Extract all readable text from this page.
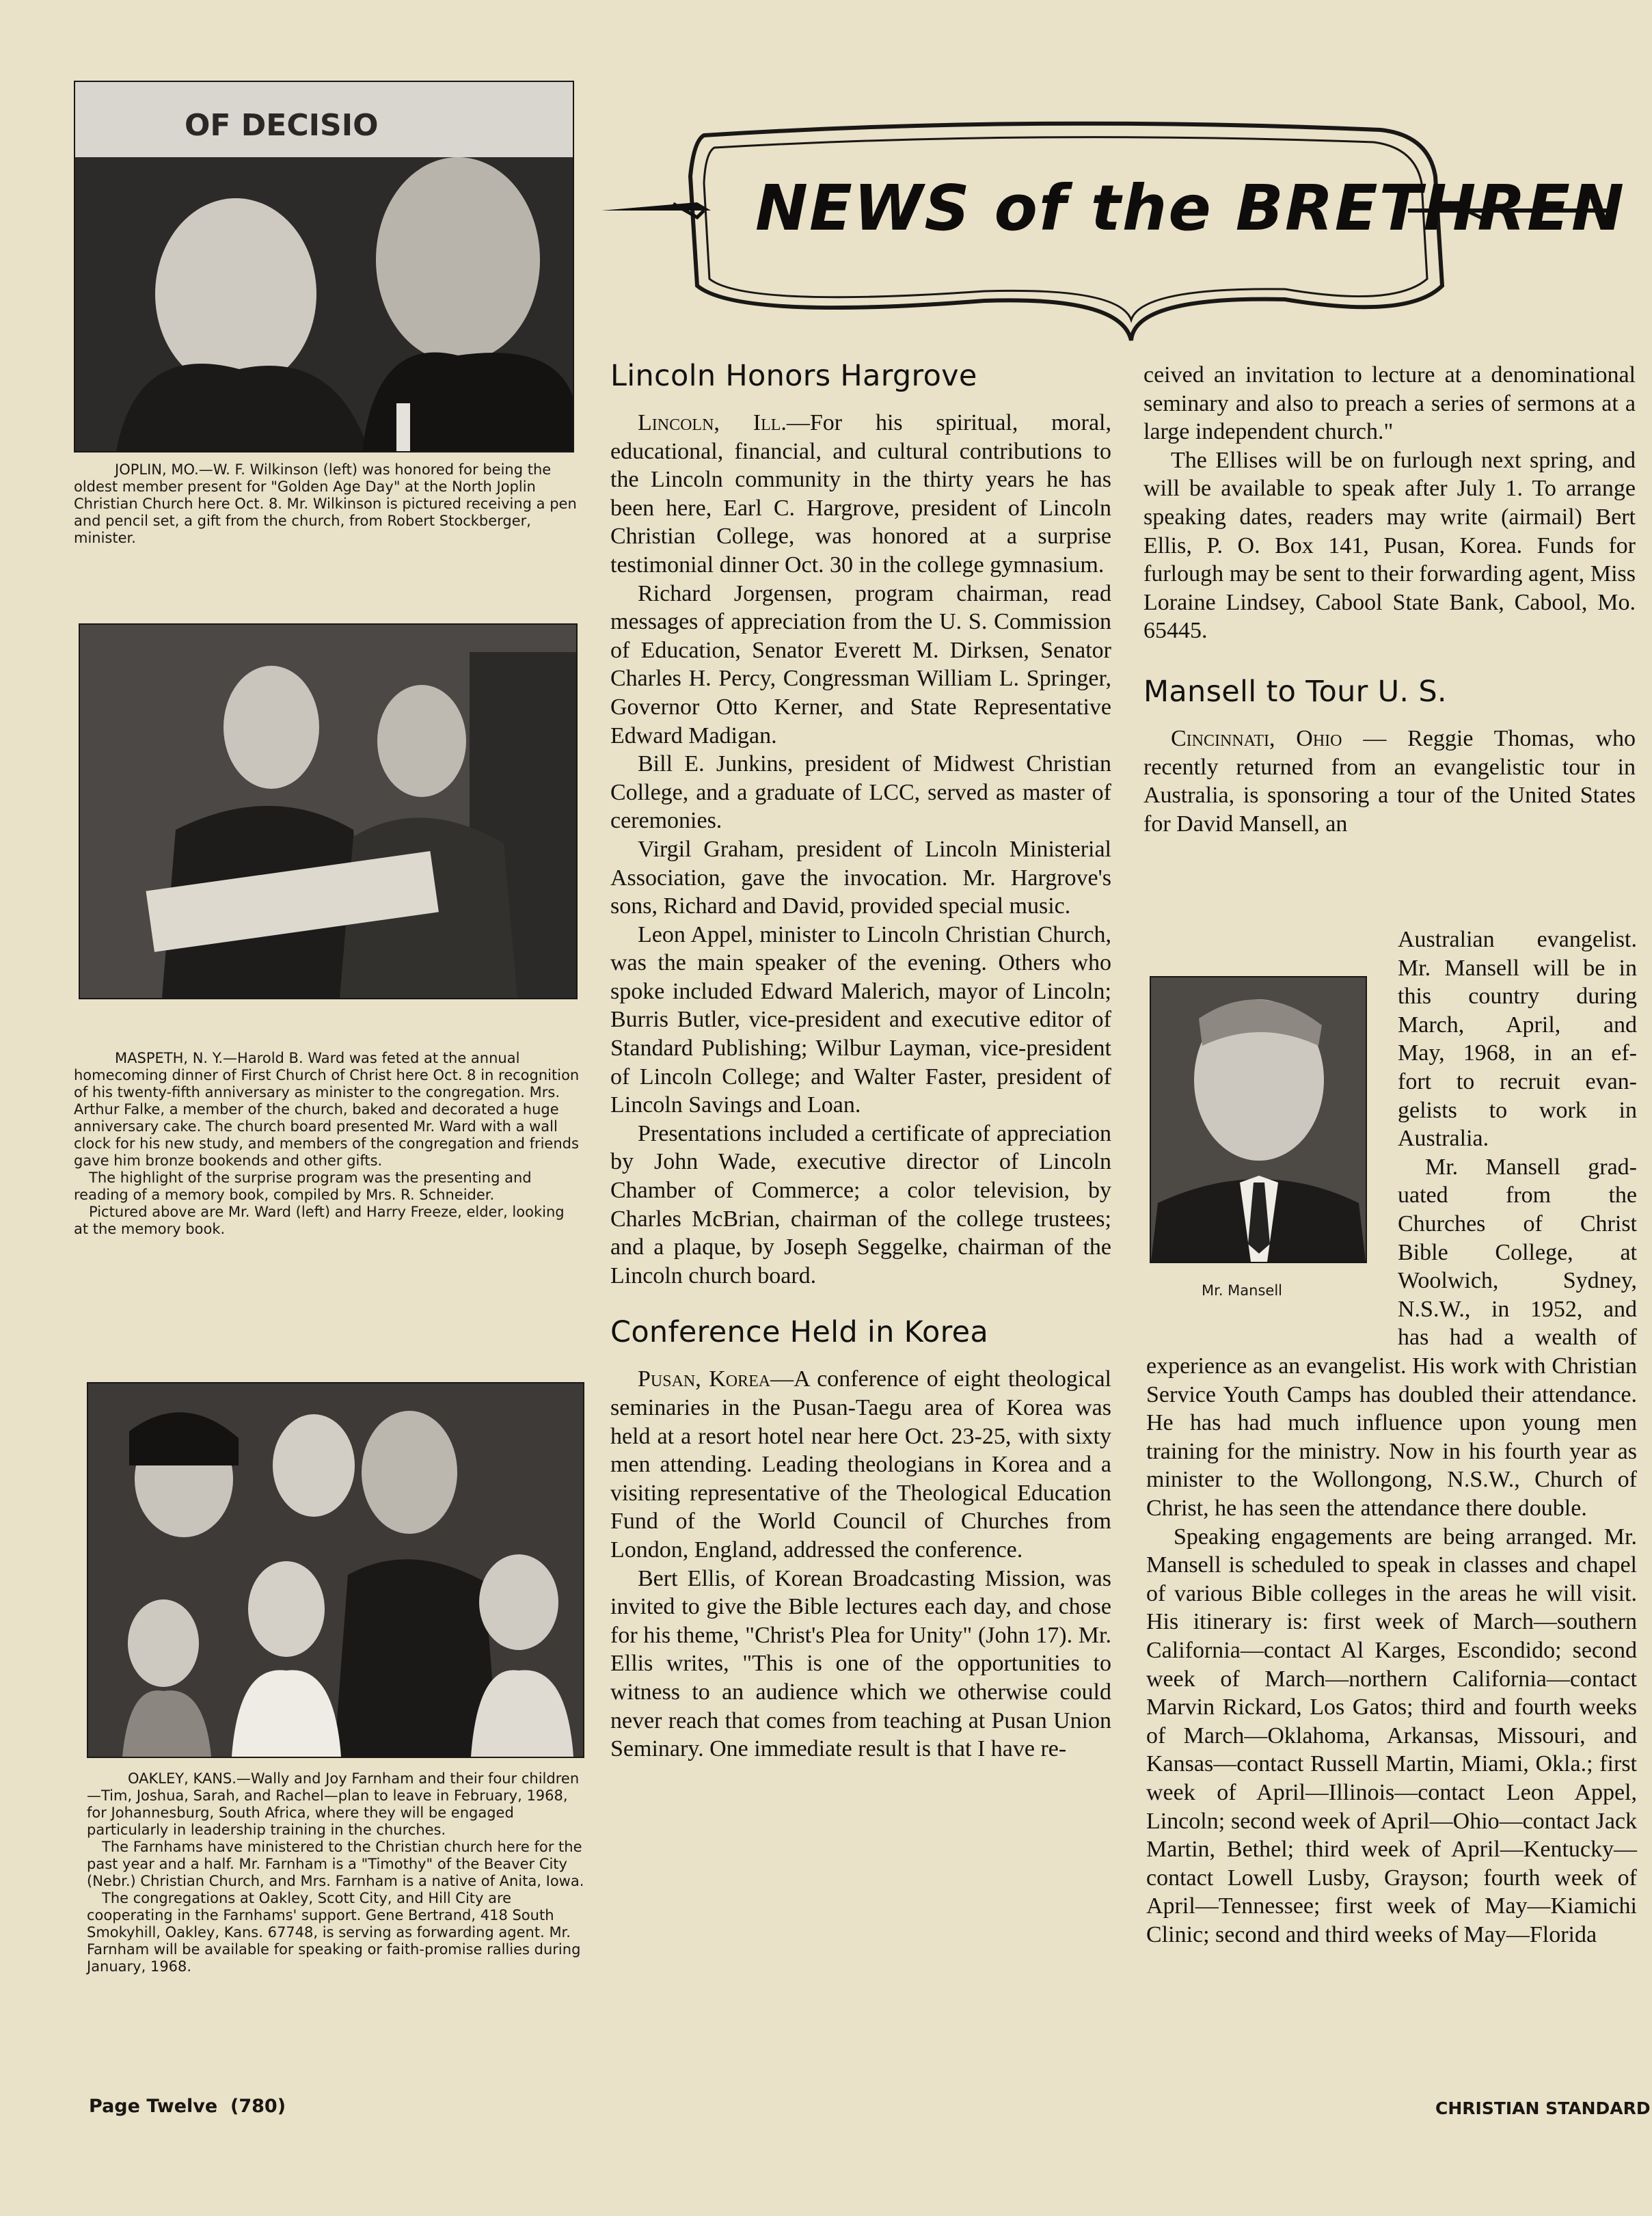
OF DECISIO

JOPLIN, MO.—W. F. Wilkinson (left) was honored for being the oldest member present for "Golden Age Day" at the North Joplin Christian Church here Oct. 8. Mr. Wilkinson is pictured receiving a pen and pencil set, a gift from the church, from Robert Stockberger, minister.

MASPETH, N. Y.—Harold B. Ward was feted at the annual homecoming dinner of First Church of Christ here Oct. 8 in recognition of his twenty-fifth anniversary as minister to the congregation. Mrs. Arthur Falke, a member of the church, baked and decorated a huge anniversary cake. The church board presented Mr. Ward with a wall clock for his new study, and members of the congregation and friends gave him bronze bookends and other gifts.

The highlight of the surprise program was the presenting and reading of a memory book, compiled by Mrs. R. Schneider.

Pictured above are Mr. Ward (left) and Harry Freeze, elder, looking at the memory book.

OAKLEY, KANS.—Wally and Joy Farnham and their four children—Tim, Joshua, Sarah, and Rachel—plan to leave in February, 1968, for Johannesburg, South Africa, where they will be engaged particularly in leadership training in the churches.

The Farnhams have ministered to the Christian church here for the past year and a half. Mr. Farnham is a "Timothy" of the Beaver City (Nebr.) Christian Church, and Mrs. Farnham is a native of Anita, Iowa.

The congregations at Oakley, Scott City, and Hill City are cooperating in the Farnhams' support. Gene Bertrand, 418 South Smokyhill, Oakley, Kans. 67748, is serving as forwarding agent. Mr. Farnham will be available for speaking or faith-promise rallies during January, 1968.

NEWS of the BRETHREN
Lincoln Honors Hargrove

Lincoln, Ill.—For his spiritual, moral, educational, financial, and cultural contributions to the Lincoln community in the thirty years he has been here, Earl C. Hargrove, president of Lincoln Christian College, was honored at a surprise testimonial dinner Oct. 30 in the college gymnasium.

Richard Jorgensen, program chairman, read messages of appreciation from the U. S. Commission of Education, Senator Everett M. Dirksen, Senator Charles H. Percy, Congressman William L. Springer, Governor Otto Kerner, and State Representative Edward Madigan.

Bill E. Junkins, president of Midwest Christian College, and a graduate of LCC, served as master of ceremonies.

Virgil Graham, president of Lincoln Ministerial Association, gave the invocation. Mr. Hargrove's sons, Richard and David, provided special music.

Leon Appel, minister to Lincoln Christian Church, was the main speaker of the evening. Others who spoke included Edward Malerich, mayor of Lincoln; Burris Butler, vice-president and executive editor of Standard Publishing; Wilbur Layman, vice-president of Lincoln College; and Walter Faster, president of Lincoln Savings and Loan.

Presentations included a certificate of appreciation by John Wade, executive director of Lincoln Chamber of Commerce; a color television, by Charles McBrian, chairman of the college trustees; and a plaque, by Joseph Seggelke, chairman of the Lincoln church board.

Conference Held in Korea

Pusan, Korea—A conference of eight theological seminaries in the Pusan-Taegu area of Korea was held at a resort hotel near here Oct. 23-25, with sixty men attending. Leading theologians in Korea and a visiting representative of the Theological Education Fund of the World Council of Churches from London, England, addressed the conference.

Bert Ellis, of Korean Broadcasting Mission, was invited to give the Bible lectures each day, and chose for his theme, "Christ's Plea for Unity" (John 17). Mr. Ellis writes, "This is one of the opportunities to witness to an audience which we otherwise could never reach that comes from teaching at Pusan Union Seminary. One immediate result is that I have re-

ceived an invitation to lecture at a denominational seminary and also to preach a series of sermons at a large independent church."

The Ellises will be on furlough next spring, and will be available to speak after July 1. To arrange speaking dates, readers may write (airmail) Bert Ellis, P. O. Box 141, Pusan, Korea. Funds for furlough may be sent to their forwarding agent, Miss Loraine Lindsey, Cabool State Bank, Cabool, Mo. 65445.

Mansell to Tour U. S.

Cincinnati, Ohio — Reggie Thomas, who recently returned from an evangelistic tour in Australia, is sponsoring a tour of the United States for David Mansell, an

Mr. Mansell
Australian evangelist.
Mr. Mansell will be in
this country during
March, April, and
May, 1968, in an ef-
fort to recruit evan-
gelists to work in
Australia.
Mr. Mansell grad-
uated from the
Churches of Christ
Bible College, at
Woolwich, Sydney,
N.S.W., in 1952, and
has had a wealth of

experience as an evangelist. His work with Christian Service Youth Camps has doubled their attendance. He has had much influence upon young men training for the ministry. Now in his fourth year as minister to the Wollongong, N.S.W., Church of Christ, he has seen the attendance there double.

Speaking engagements are being arranged. Mr. Mansell is scheduled to speak in classes and chapel of various Bible colleges in the areas he will visit. His itinerary is: first week of March—southern California—contact Al Karges, Escondido; second week of March—northern California—contact Marvin Rickard, Los Gatos; third and fourth weeks of March—Oklahoma, Arkansas, Missouri, and Kansas—contact Russell Martin, Miami, Okla.; first week of April—Illinois—contact Leon Appel, Lincoln; second week of April—Ohio—contact Jack Martin, Bethel; third week of April—Kentucky—contact Lowell Lusby, Grayson; fourth week of April—Tennessee; first week of May—Kiamichi Clinic; second and third weeks of May—Florida

Page Twelve  (780)	CHRISTIAN STANDARD
